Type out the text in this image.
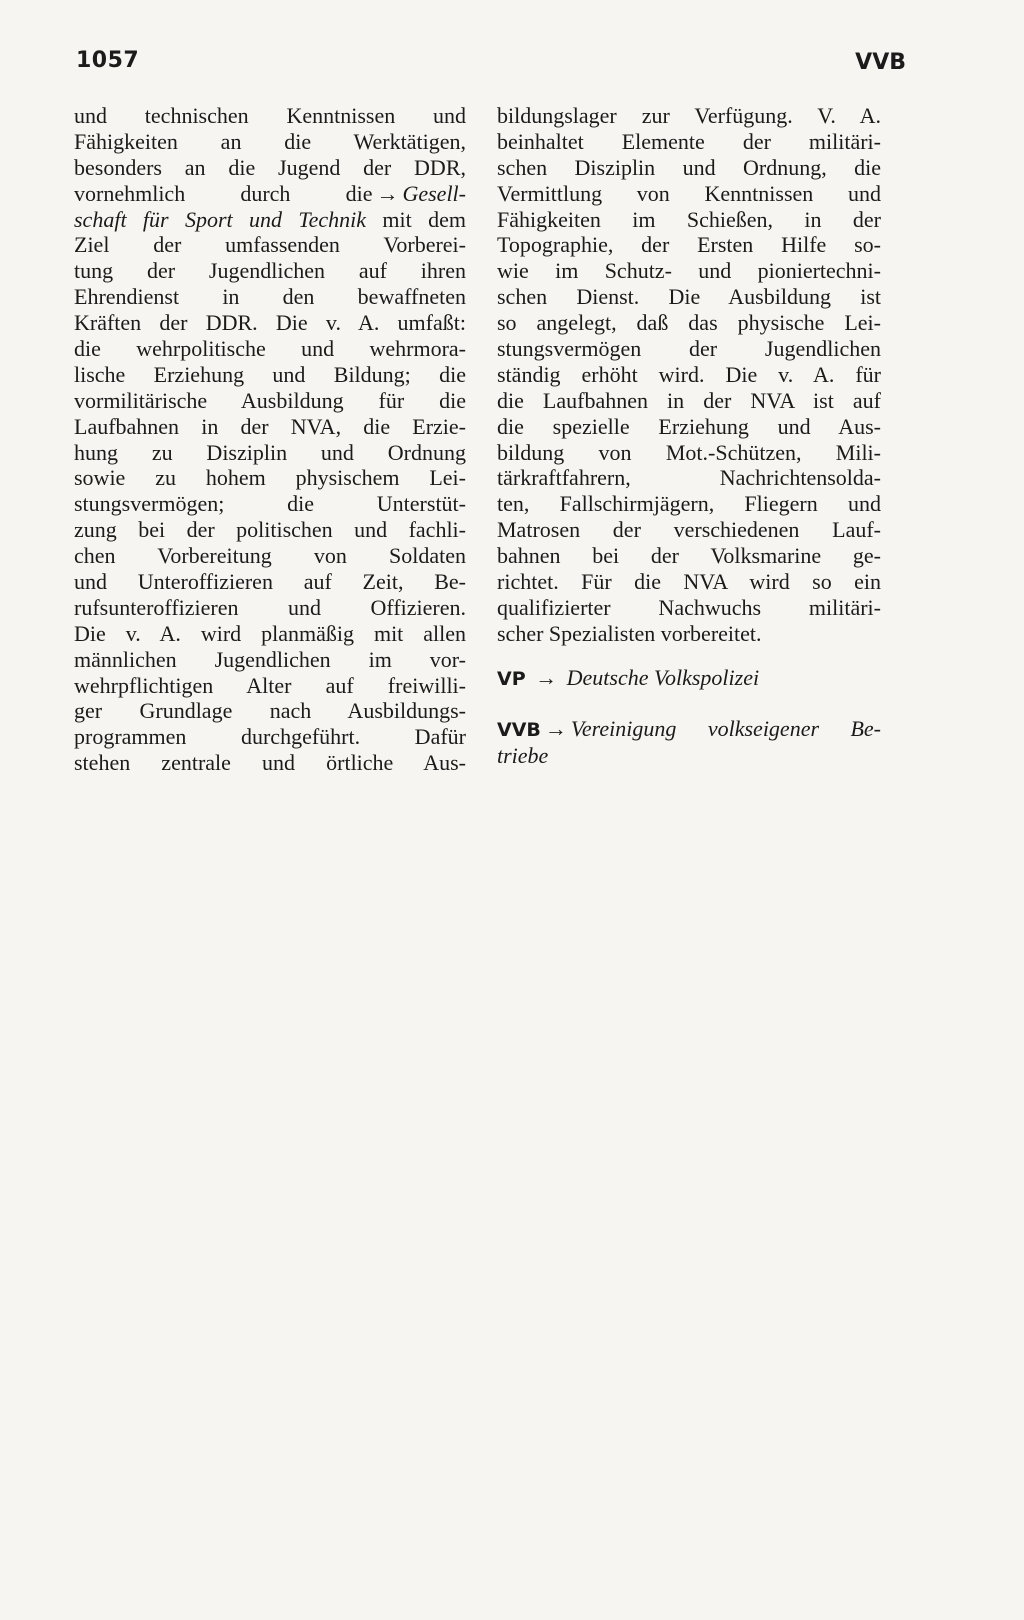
1057	VVB
und technischen Kenntnissen und
Fähigkeiten an die Werktätigen,
besonders an die Jugend der DDR,
vornehmlich durch die → Gesell-
schaft für Sport und Technik mit dem
Ziel der umfassenden Vorberei-
tung der Jugendlichen auf ihren
Ehrendienst in den bewaffneten
Kräften der DDR. Die v. A. umfaßt:
die wehrpolitische und wehrmora-
lische Erziehung und Bildung; die
vormilitärische Ausbildung für die
Laufbahnen in der NVA, die Erzie-
hung zu Disziplin und Ordnung
sowie zu hohem physischem Lei-
stungsvermögen; die Unterstüt-
zung bei der politischen und fachli-
chen Vorbereitung von Soldaten
und Unteroffizieren auf Zeit, Be-
rufsunteroffizieren und Offizieren.
Die v. A. wird planmäßig mit allen
männlichen Jugendlichen im vor-
wehrpflichtigen Alter auf freiwilli-
ger Grundlage nach Ausbildungs-
programmen durchgeführt. Dafür
stehen zentrale und örtliche Aus-
bildungslager zur Verfügung. V. A.
beinhaltet Elemente der militäri-
schen Disziplin und Ordnung, die
Vermittlung von Kenntnissen und
Fähigkeiten im Schießen, in der
Topographie, der Ersten Hilfe so-
wie im Schutz- und pioniertechni-
schen Dienst. Die Ausbildung ist
so angelegt, daß das physische Lei-
stungsvermögen der Jugendlichen
ständig erhöht wird. Die v. A. für
die Laufbahnen in der NVA ist auf
die spezielle Erziehung und Aus-
bildung von Mot.-Schützen, Mili-
tärkraftfahrern, Nachrichtensolda-
ten, Fallschirmjägern, Fliegern und
Matrosen der verschiedenen Lauf-
bahnen bei der Volksmarine ge-
richtet. Für die NVA wird so ein
qualifizierter Nachwuchs militäri-
scher Spezialisten vorbereitet.
VP → Deutsche Volkspolizei
VVB → Vereinigung volkseigener Be-
triebe
